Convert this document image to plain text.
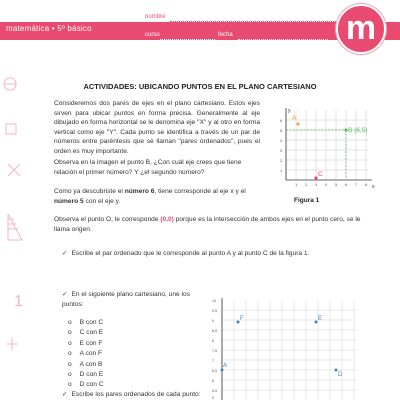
matemática • 5º básico
nombre
curso	fecha	m
1
ACTIVIDADES: UBICANDO PUNTOS EN EL PLANO CARTESIANO
Consideremos dos pares de ejes en el plano cartesiano. Estos ejes sirven para ubicar puntos en forma precisa. Generalmente al eje dibujado en forma horizontal se le denomina eje "X" y al otro en forma vertical como eje "Y". Cada punto se identifica a través de un par de números entre paréntesis que se llaman "pares ordenados", pues el orden es muy importante.
Observa en la imagen el punto B, ¿Con cuál eje crees que tiene relación el primer número? Y ¿el segundo número?
Como ya descubriste el número 6, tiene corresponde al eje x y el número 5 con el eje y.
Observa el punto O, le corresponde (0,0) porque es la intersección de ambos ejes en el punto cero, se le llama origen.
A
B (6,5)
C
y
x
6
5
4
3
2
1
1 2 3 4 5 6 7 8
Figura 1
✓ Escribe el par ordenado que le corresponde al punto A y al punto C de la figura 1.
✓ En el siguiente plano cartesiano, une los puntos:
o B con C
o C con E
o E con F
o A con F
o A con B
o D con E
o D con C
✓ Escribe los pares ordenados de cada punto:
10
9.5
9
8.5
8
7.5
7
6.5
6
5.5
5
F	E
A
D
